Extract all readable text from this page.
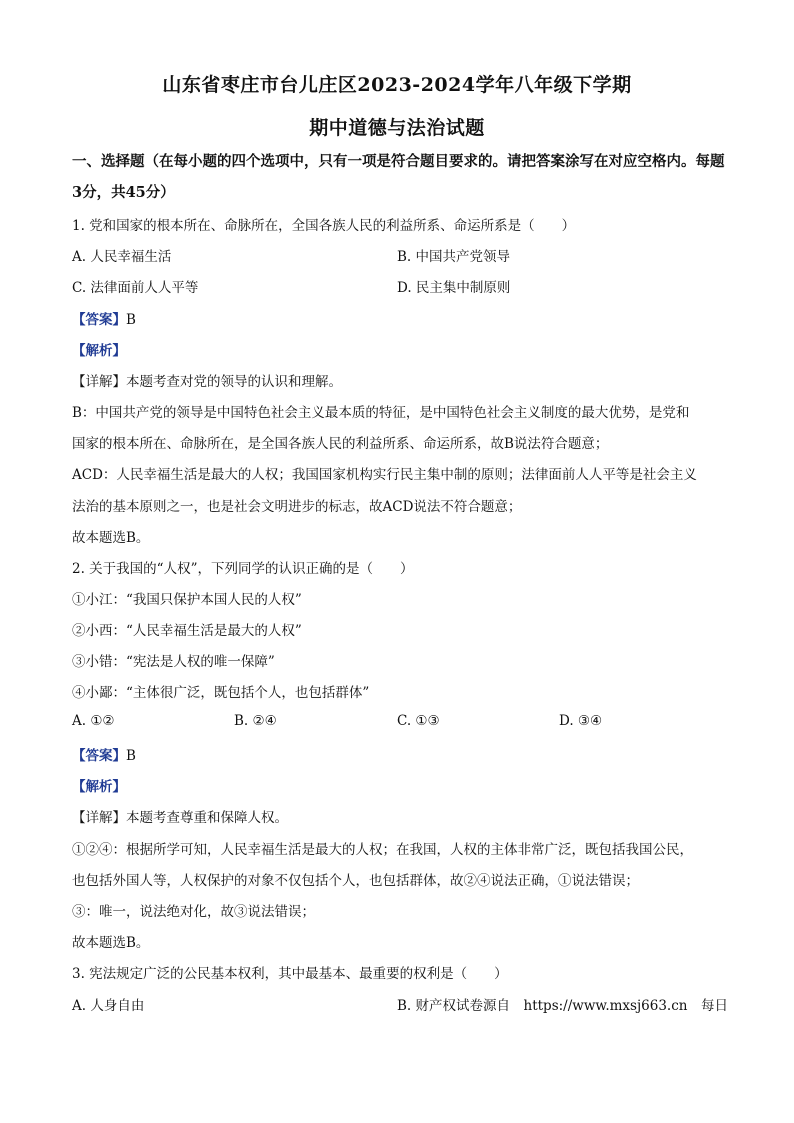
山东省枣庄市台儿庄区2023-2024学年八年级下学期
期中道德与法治试题
一、选择题（在每小题的四个选项中，只有一项是符合题目要求的。请把答案涂写在对应空格内。每题3分，共45分）
1. 党和国家的根本所在、命脉所在，全国各族人民的利益所系、命运所系是（　　）
A. 人民幸福生活	B. 中国共产党领导
C. 法律面前人人平等	D. 民主集中制原则
【答案】B
【解析】
【详解】本题考查对党的领导的认识和理解。
B：中国共产党的领导是中国特色社会主义最本质的特征，是中国特色社会主义制度的最大优势，是党和
国家的根本所在、命脉所在，是全国各族人民的利益所系、命运所系，故B说法符合题意；
ACD：人民幸福生活是最大的人权；我国国家机构实行民主集中制的原则；法律面前人人平等是社会主义
法治的基本原则之一，也是社会文明进步的标志，故ACD说法不符合题意；
故本题选B。
2. 关于我国的“人权”，下列同学的认识正确的是（　　）
①小江：“我国只保护本国人民的人权”
②小西：“人民幸福生活是最大的人权”
③小错：“宪法是人权的唯一保障”
④小鄙：“主体很广泛，既包括个人，也包括群体”
A. ①②	B. ②④	C. ①③	D. ③④
【答案】B
【解析】
【详解】本题考查尊重和保障人权。
①②④：根据所学可知，人民幸福生活是最大的人权；在我国，人权的主体非常广泛，既包括我国公民，
也包括外国人等，人权保护的对象不仅包括个人，也包括群体，故②④说法正确，①说法错误；
③：唯一，说法绝对化，故③说法错误；
故本题选B。
3. 宪法规定广泛的公民基本权利，其中最基本、最重要的权利是（　　）
A. 人身自由	B. 财产权试卷源自　https://www.mxsj663.cn　每日
